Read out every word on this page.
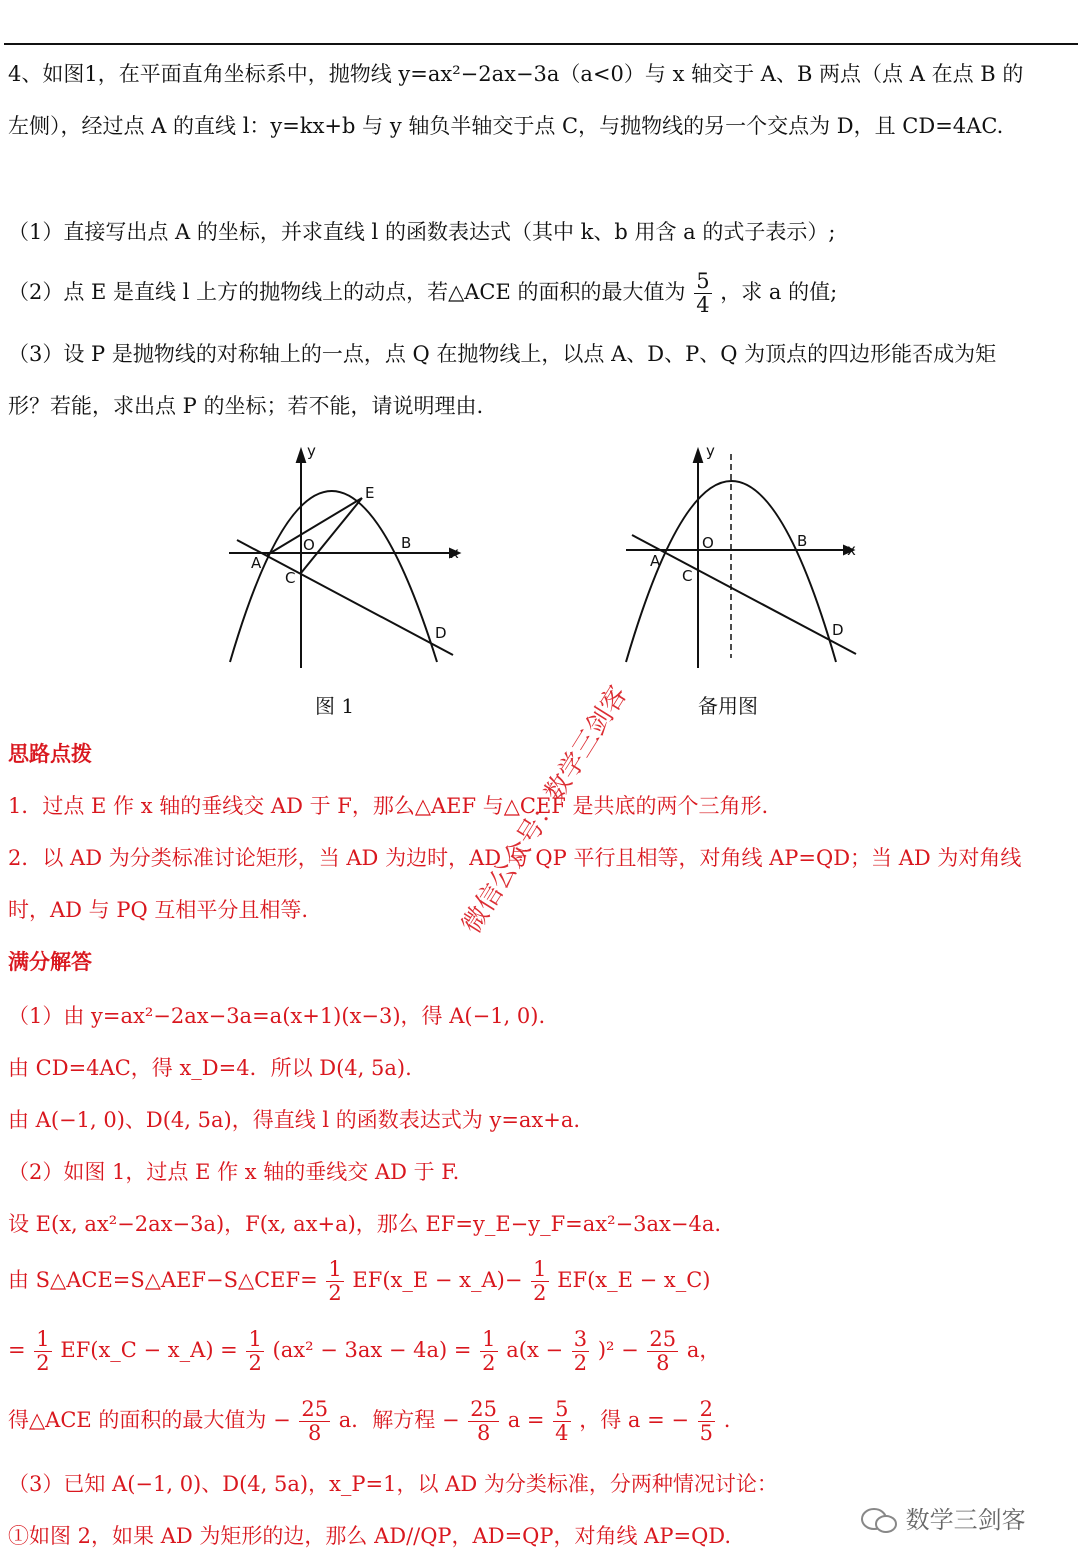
4、如图1，在平面直角坐标系中，抛物线 y=ax²−2ax−3a（a<0）与 x 轴交于 A、B 两点（点 A 在点 B 的
左侧），经过点 A 的直线 l：y=kx+b 与 y 轴负半轴交于点 C，与抛物线的另一个交点为 D，且 CD=4AC.
（1）直接写出点 A 的坐标，并求直线 l 的函数表达式（其中 k、b 用含 a 的式子表示）;
（2）点 E 是直线 l 上方的抛物线上的动点，若△ACE 的面积的最大值为 $\frac{5}{4}$ ，求 a 的值;
（3）设 P 是抛物线的对称轴上的一点，点 Q 在抛物线上，以点 A、D、P、Q 为顶点的四边形能否成为矩
形？若能，求出点 P 的坐标；若不能，请说明理由.
y
x
O
A
B
C
D
E
图 1
y
x
O
A
B
C
D
备用图
思路点拨
1．过点 E 作 x 轴的垂线交 AD 于 F，那么△AEF 与△CEF 是共底的两个三角形.
2．以 AD 为分类标准讨论矩形，当 AD 为边时，AD 与 QP 平行且相等，对角线 AP=QD；当 AD 为对角线
时，AD 与 PQ 互相平分且相等.
满分解答
（1）由 y=ax²−2ax−3a=a(x+1)(x−3)，得 A(−1, 0).
由 CD=4AC，得 x_D=4．所以 D(4, 5a).
由 A(−1, 0)、D(4, 5a)，得直线 l 的函数表达式为 y=ax+a.
（2）如图 1，过点 E 作 x 轴的垂线交 AD 于 F.
设 E(x, ax²−2ax−3a)，F(x, ax+a)，那么 EF=y_E−y_F=ax²−3ax−4a.
由 S△ACE=S△AEF−S△CEF= $\frac{1}{2}$ EF(x_E − x_A)− $\frac{1}{2}$ EF(x_E − x_C)
= $\frac{1}{2}$ EF(x_C − x_A) = $\frac{1}{2} (ax^2 - 3ax - 4a) = \frac{1}{2} a(x - \frac{3}{2} )^2 - \frac{25}{8}$ a，
得△ACE 的面积的最大值为 − $\frac{25}{8}$ a．解方程 − $\frac{25}{8}$ $a = \frac{5}{4}$ ，得 a = − $\frac{2}{5}$ .
（3）已知 A(−1, 0)、D(4, 5a)，x_P=1，以 AD 为分类标准，分两种情况讨论：
①如图 2，如果 AD 为矩形的边，那么 AD//QP，AD=QP，对角线 AP=QD.
微信公众号：数学三剑客
数学三剑客
